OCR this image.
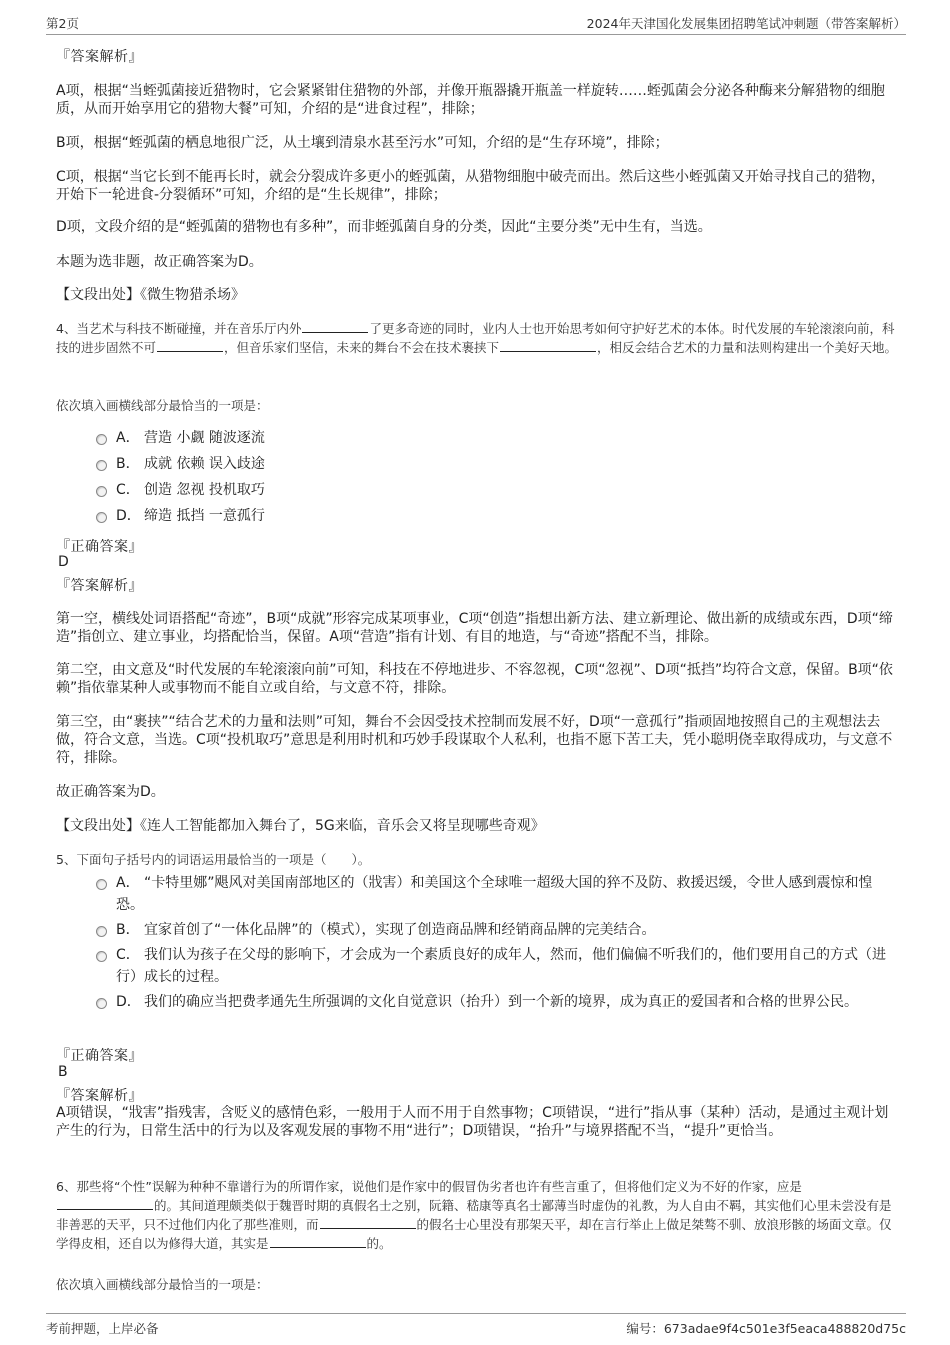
第2页	2024年天津国化发展集团招聘笔试冲刺题（带答案解析）
『答案解析』

A项，根据“当蛭弧菌接近猎物时，它会紧紧钳住猎物的外部，并像开瓶器撬开瓶盖一样旋转……蛭弧菌会分泌各种酶来分解猎物的细胞质，从而开始享用它的猎物大餐”可知，介绍的是“进食过程”，排除；

B项，根据“蛭弧菌的栖息地很广泛，从土壤到清泉水甚至污水”可知，介绍的是“生存环境”，排除；

C项，根据“当它长到不能再长时，就会分裂成许多更小的蛭弧菌，从猎物细胞中破壳而出。然后这些小蛭弧菌又开始寻找自己的猎物，开始下一轮进食-分裂循环”可知，介绍的是“生长规律”，排除；

D项，文段介绍的是“蛭弧菌的猎物也有多种”，而非蛭弧菌自身的分类，因此“主要分类”无中生有，当选。

本题为选非题，故正确答案为D。

【文段出处】《微生物猎杀场》

4、当艺术与科技不断碰撞，并在音乐厅内外	了更多奇迹的同时，业内人士也开始思考如何守护好艺术的本体。时代发展的车轮滚滚向前，科技的进步固然不可	，但音乐家们坚信，未来的舞台不会在技术裹挟下	，相反会结合艺术的力量和法则构建出一个美好天地。

依次填入画横线部分最恰当的一项是：

A． 营造 小觑 随波逐流
B． 成就 依赖 误入歧途
C． 创造 忽视 投机取巧
D． 缔造 抵挡 一意孤行
『正确答案』
D
『答案解析』

第一空，横线处词语搭配“奇迹”，B项“成就”形容完成某项事业，C项“创造”指想出新方法、建立新理论、做出新的成绩或东西，D项“缔造”指创立、建立事业，均搭配恰当，保留。A项“营造”指有计划、有目的地造，与“奇迹”搭配不当，排除。

第二空，由文意及“时代发展的车轮滚滚向前”可知，科技在不停地进步、不容忽视，C项“忽视”、D项“抵挡”均符合文意，保留。B项“依赖”指依靠某种人或事物而不能自立或自给，与文意不符，排除。

第三空，由“裹挟”“结合艺术的力量和法则”可知，舞台不会因受技术控制而发展不好，D项“一意孤行”指顽固地按照自己的主观想法去做，符合文意，当选。C项“投机取巧”意思是利用时机和巧妙手段谋取个人私利，也指不愿下苦工夫，凭小聪明侥幸取得成功，与文意不符，排除。

故正确答案为D。

【文段出处】《连人工智能都加入舞台了，5G来临，音乐会又将呈现哪些奇观》

5、下面句子括号内的词语运用最恰当的一项是（　　）。

A． “卡特里娜”飓风对美国南部地区的（戕害）和美国这个全球唯一超级大国的猝不及防、救援迟缓，令世人感到震惊和惶恐。
B． 宜家首创了“一体化品牌”的（模式），实现了创造商品牌和经销商品牌的完美结合。
C． 我们认为孩子在父母的影响下，才会成为一个素质良好的成年人，然而，他们偏偏不听我们的，他们要用自己的方式（进行）成长的过程。
D． 我们的确应当把费孝通先生所强调的文化自觉意识（抬升）到一个新的境界，成为真正的爱国者和合格的世界公民。
『正确答案』
B
『答案解析』

A项错误，“戕害”指残害，含贬义的感情色彩，一般用于人而不用于自然事物；C项错误，“进行”指从事（某种）活动，是通过主观计划产生的行为，日常生活中的行为以及客观发展的事物不用“进行”；D项错误，“抬升”与境界搭配不当，“提升”更恰当。

6、那些将“个性”误解为种种不靠谱行为的所谓作家，说他们是作家中的假冒伪劣者也许有些言重了，但将他们定义为不好的作家，应是的。其间道理颇类似于魏晋时期的真假名士之别，阮籍、嵇康等真名士鄙薄当时虚伪的礼教，为人自由不羁，其实他们心里未尝没有是非善恶的天平，只不过他们内化了那些准则，而	的假名士心里没有那架天平，却在言行举止上做足桀骜不驯、放浪形骸的场面文章。仅学得皮相，还自以为修得大道，其实是	的。

依次填入画横线部分最恰当的一项是：

考前押题，上岸必备	编号：673adae9f4c501e3f5eaca488820d75c
